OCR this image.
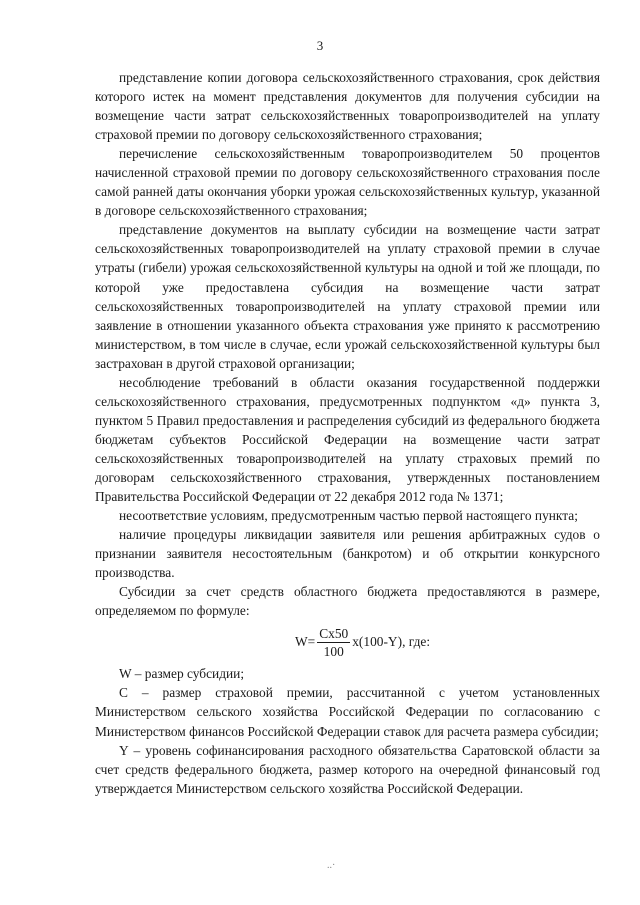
3

представление копии договора сельскохозяйственного страхования, срок действия которого истек на момент представления документов для получения субсидии на возмещение части затрат сельскохозяйственных товаропроизводителей на уплату страховой премии по договору сельскохозяйственного страхования;

перечисление сельскохозяйственным товаропроизводителем 50 процентов начисленной страховой премии по договору сельскохозяйственного страхования после самой ранней даты окончания уборки урожая сельскохозяйственных культур, указанной в договоре сельскохозяйственного страхования;

представление документов на выплату субсидии на возмещение части затрат сельскохозяйственных товаропроизводителей на уплату страховой премии в случае утраты (гибели) урожая сельскохозяйственной культуры на одной и той же площади, по которой уже предоставлена субсидия на возмещение части затрат сельскохозяйственных товаропроизводителей на уплату страховой премии или заявление в отношении указанного объекта страхования уже принято к рассмотрению министерством, в том числе в случае, если урожай сельскохозяйственной культуры был застрахован в другой страховой организации;

несоблюдение требований в области оказания государственной поддержки сельскохозяйственного страхования, предусмотренных подпунктом «д» пункта 3, пунктом 5 Правил предоставления и распределения субсидий из федерального бюджета бюджетам субъектов Российской Федерации на возмещение части затрат сельскохозяйственных товаропроизводителей на уплату страховых премий по договорам сельскохозяйственного страхования, утвержденных постановлением Правительства Российской Федерации от 22 декабря 2012 года № 1371;

несоответствие условиям, предусмотренным частью первой настоящего пункта;

наличие процедуры ликвидации заявителя или решения арбитражных судов о признании заявителя несостоятельным (банкротом) и об открытии конкурсного производства.

Субсидии за счет средств областного бюджета предоставляются в размере, определяемом по формуле:

$W= \frac{Cx50}{100} x(100-Y)$, где:

W – размер субсидии;

С – размер страховой премии, рассчитанной с учетом установленных Министерством сельского хозяйства Российской Федерации по согласованию с Министерством финансов Российской Федерации ставок для расчета размера субсидии;

Y – уровень софинансирования расходного обязательства Саратовской области за счет средств федерального бюджета, размер которого на очередной финансовый год утверждается Министерством сельского хозяйства Российской Федерации.

..·
